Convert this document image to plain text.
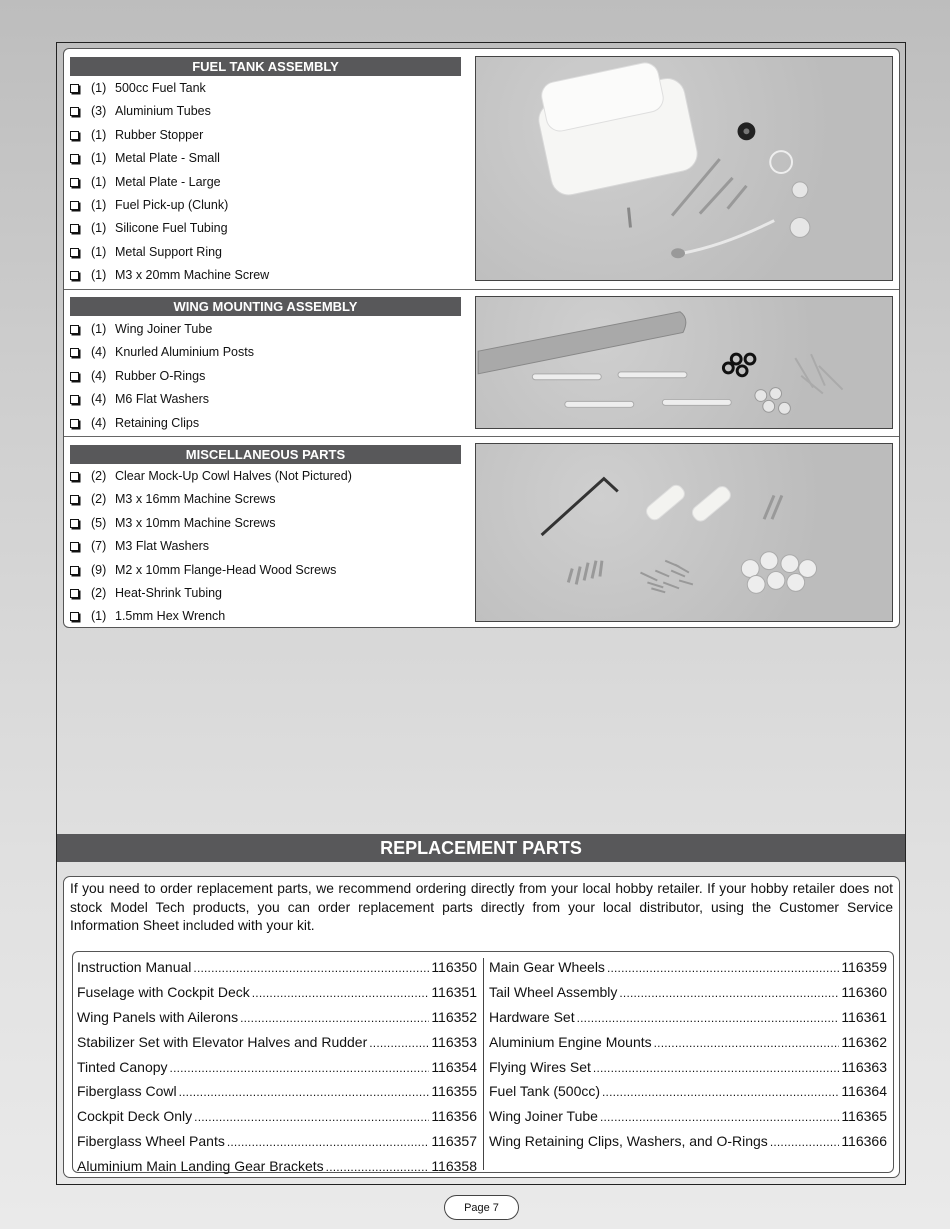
FUEL TANK ASSEMBLY
(1) 500cc Fuel Tank
(3) Aluminium Tubes
(1) Rubber Stopper
(1) Metal Plate - Small
(1) Metal Plate - Large
(1) Fuel Pick-up (Clunk)
(1) Silicone Fuel Tubing
(1) Metal Support Ring
(1) M3 x 20mm Machine Screw
WING MOUNTING ASSEMBLY
(1) Wing Joiner Tube
(4) Knurled Aluminium Posts
(4) Rubber O-Rings
(4) M6 Flat Washers
(4) Retaining Clips
MISCELLANEOUS PARTS
(2) Clear Mock-Up Cowl Halves (Not Pictured)
(2) M3 x 16mm Machine Screws
(5) M3 x 10mm Machine Screws
(7) M3 Flat Washers
(9) M2 x 10mm Flange-Head Wood Screws
(2) Heat-Shrink Tubing
(1) 1.5mm Hex Wrench
REPLACEMENT PARTS

If you need to order replacement parts, we recommend ordering directly from your local hobby retailer. If your hobby retailer does not stock Model Tech products, you can order replacement parts directly from your local distributor, using the Customer Service Information Sheet included with your kit.

Instruction Manual .....	116350
Fuselage with Cockpit Deck .....	116351
Wing Panels with Ailerons .....	116352
Stabilizer Set with Elevator Halves and Rudder .....	116353
Tinted Canopy .....	116354
Fiberglass Cowl .....	116355
Cockpit Deck Only .....	116356
Fiberglass Wheel Pants .....	116357
Aluminium Main Landing Gear Brackets .....	116358
Main Gear Wheels .....	116359
Tail Wheel Assembly .....	116360
Hardware Set .....	116361
Aluminium Engine Mounts .....	116362
Flying Wires Set .....	116363
Fuel Tank (500cc) .....	116364
Wing Joiner Tube .....	116365
Wing Retaining Clips, Washers, and O-Rings .....	116366
Page 7
